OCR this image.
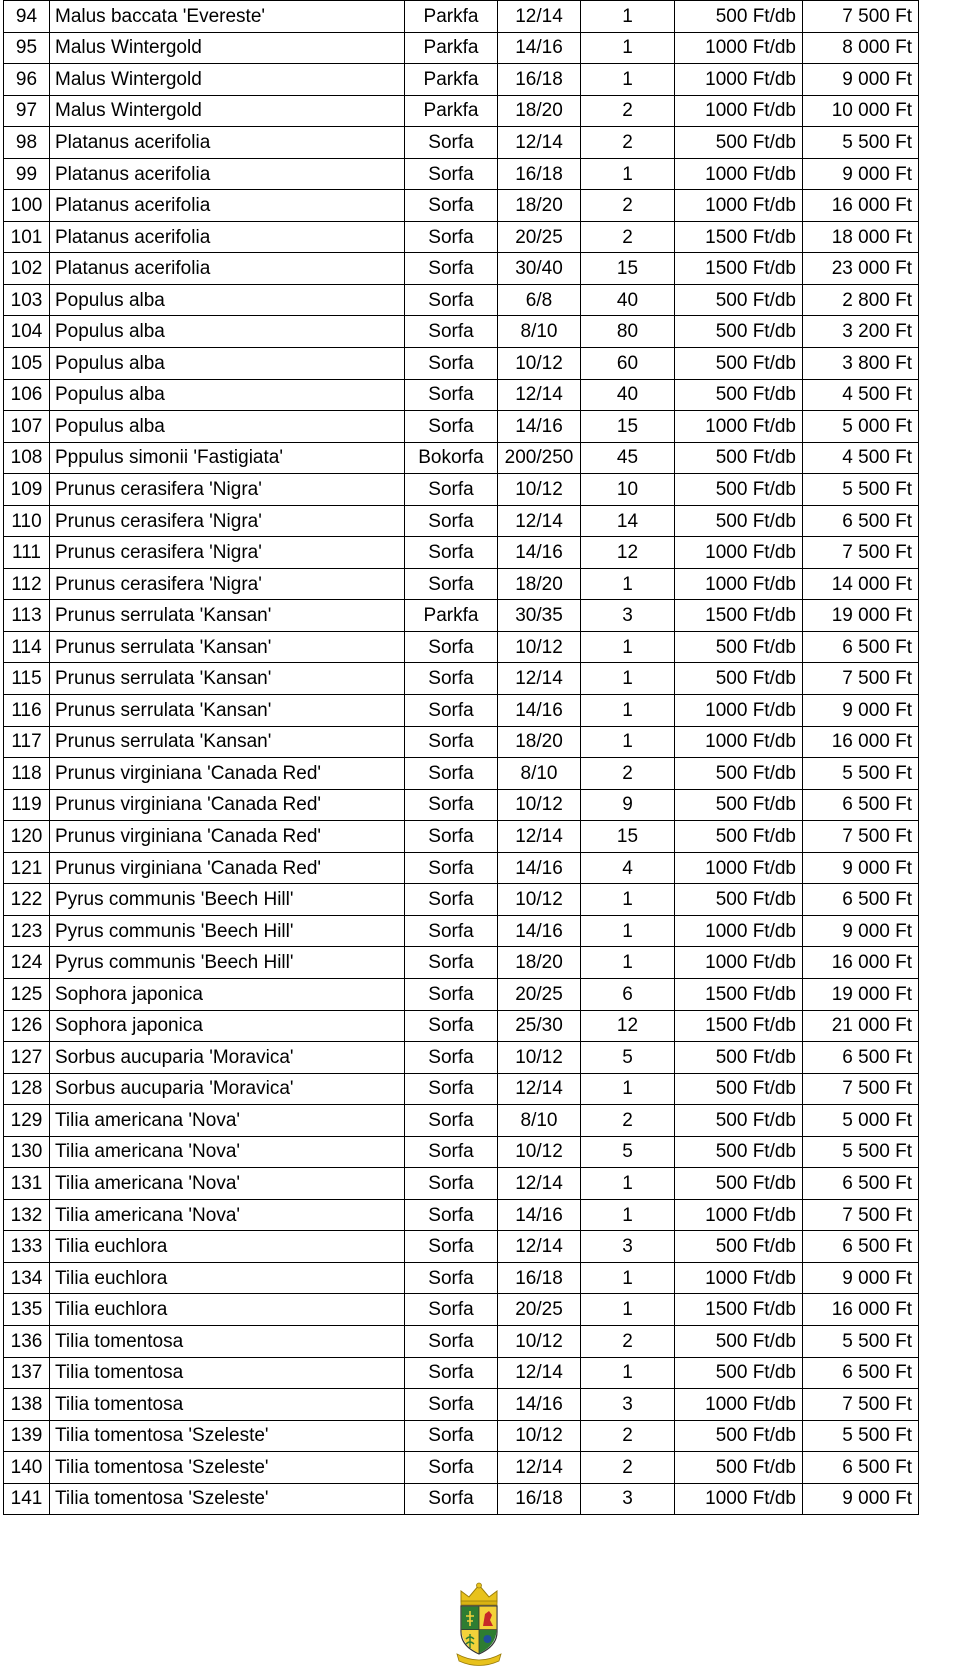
94	Malus baccata 'Evereste'	Parkfa	12/14	1	500 Ft/db	7 500 Ft
95	Malus Wintergold	Parkfa	14/16	1	1000 Ft/db	8 000 Ft
96	Malus Wintergold	Parkfa	16/18	1	1000 Ft/db	9 000 Ft
97	Malus Wintergold	Parkfa	18/20	2	1000 Ft/db	10 000 Ft
98	Platanus acerifolia	Sorfa	12/14	2	500 Ft/db	5 500 Ft
99	Platanus acerifolia	Sorfa	16/18	1	1000 Ft/db	9 000 Ft
100	Platanus acerifolia	Sorfa	18/20	2	1000 Ft/db	16 000 Ft
101	Platanus acerifolia	Sorfa	20/25	2	1500 Ft/db	18 000 Ft
102	Platanus acerifolia	Sorfa	30/40	15	1500 Ft/db	23 000 Ft
103	Populus alba	Sorfa	6/8	40	500 Ft/db	2 800 Ft
104	Populus alba	Sorfa	8/10	80	500 Ft/db	3 200 Ft
105	Populus alba	Sorfa	10/12	60	500 Ft/db	3 800 Ft
106	Populus alba	Sorfa	12/14	40	500 Ft/db	4 500 Ft
107	Populus alba	Sorfa	14/16	15	1000 Ft/db	5 000 Ft
108	Pppulus simonii 'Fastigiata'	Bokorfa	200/250	45	500 Ft/db	4 500 Ft
109	Prunus cerasifera 'Nigra'	Sorfa	10/12	10	500 Ft/db	5 500 Ft
110	Prunus cerasifera 'Nigra'	Sorfa	12/14	14	500 Ft/db	6 500 Ft
111	Prunus cerasifera 'Nigra'	Sorfa	14/16	12	1000 Ft/db	7 500 Ft
112	Prunus cerasifera 'Nigra'	Sorfa	18/20	1	1000 Ft/db	14 000 Ft
113	Prunus serrulata 'Kansan'	Parkfa	30/35	3	1500 Ft/db	19 000 Ft
114	Prunus serrulata 'Kansan'	Sorfa	10/12	1	500 Ft/db	6 500 Ft
115	Prunus serrulata 'Kansan'	Sorfa	12/14	1	500 Ft/db	7 500 Ft
116	Prunus serrulata 'Kansan'	Sorfa	14/16	1	1000 Ft/db	9 000 Ft
117	Prunus serrulata 'Kansan'	Sorfa	18/20	1	1000 Ft/db	16 000 Ft
118	Prunus virginiana 'Canada Red'	Sorfa	8/10	2	500 Ft/db	5 500 Ft
119	Prunus virginiana 'Canada Red'	Sorfa	10/12	9	500 Ft/db	6 500 Ft
120	Prunus virginiana 'Canada Red'	Sorfa	12/14	15	500 Ft/db	7 500 Ft
121	Prunus virginiana 'Canada Red'	Sorfa	14/16	4	1000 Ft/db	9 000 Ft
122	Pyrus communis 'Beech Hill'	Sorfa	10/12	1	500 Ft/db	6 500 Ft
123	Pyrus communis 'Beech Hill'	Sorfa	14/16	1	1000 Ft/db	9 000 Ft
124	Pyrus communis 'Beech Hill'	Sorfa	18/20	1	1000 Ft/db	16 000 Ft
125	Sophora japonica	Sorfa	20/25	6	1500 Ft/db	19 000 Ft
126	Sophora japonica	Sorfa	25/30	12	1500 Ft/db	21 000 Ft
127	Sorbus aucuparia 'Moravica'	Sorfa	10/12	5	500 Ft/db	6 500 Ft
128	Sorbus aucuparia 'Moravica'	Sorfa	12/14	1	500 Ft/db	7 500 Ft
129	Tilia americana 'Nova'	Sorfa	8/10	2	500 Ft/db	5 000 Ft
130	Tilia americana 'Nova'	Sorfa	10/12	5	500 Ft/db	5 500 Ft
131	Tilia americana 'Nova'	Sorfa	12/14	1	500 Ft/db	6 500 Ft
132	Tilia americana 'Nova'	Sorfa	14/16	1	1000 Ft/db	7 500 Ft
133	Tilia euchlora	Sorfa	12/14	3	500 Ft/db	6 500 Ft
134	Tilia euchlora	Sorfa	16/18	1	1000 Ft/db	9 000 Ft
135	Tilia euchlora	Sorfa	20/25	1	1500 Ft/db	16 000 Ft
136	Tilia tomentosa	Sorfa	10/12	2	500 Ft/db	5 500 Ft
137	Tilia tomentosa	Sorfa	12/14	1	500 Ft/db	6 500 Ft
138	Tilia tomentosa	Sorfa	14/16	3	1000 Ft/db	7 500 Ft
139	Tilia tomentosa 'Szeleste'	Sorfa	10/12	2	500 Ft/db	5 500 Ft
140	Tilia tomentosa 'Szeleste'	Sorfa	12/14	2	500 Ft/db	6 500 Ft
141	Tilia tomentosa 'Szeleste'	Sorfa	16/18	3	1000 Ft/db	9 000 Ft
